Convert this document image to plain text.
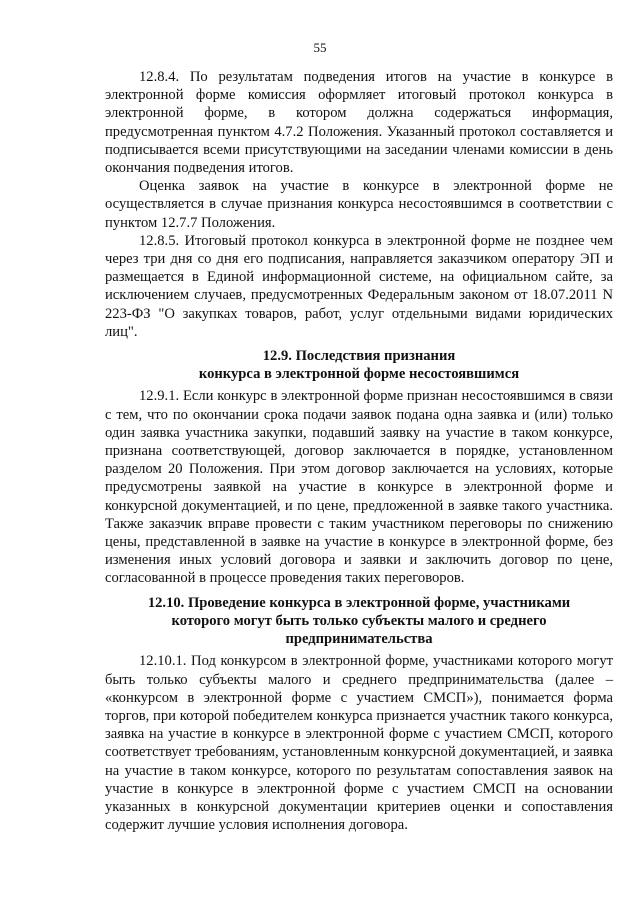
55

12.8.4. По результатам подведения итогов на участие в конкурсе в электронной форме комиссия оформляет итоговый протокол конкурса в электронной форме, в котором должна содержаться информация, предусмотренная пунктом 4.7.2 Положения. Указанный протокол составляется и подписывается всеми присутствующими на заседании членами комиссии в день окончания подведения итогов.

Оценка заявок на участие в конкурсе в электронной форме не осуществляется в случае признания конкурса несостоявшимся в соответствии с пунктом 12.7.7 Положения.

12.8.5. Итоговый протокол конкурса в электронной форме не позднее чем через три дня со дня его подписания, направляется заказчиком оператору ЭП и размещается в Единой информационной системе, на официальном сайте, за исключением случаев, предусмотренных Федеральным законом от 18.07.2011 N 223-ФЗ "О закупках товаров, работ, услуг отдельными видами юридических лиц".

12.9. Последствия признания
конкурса в электронной форме несостоявшимся

12.9.1. Если конкурс в электронной форме признан несостоявшимся в связи с тем, что по окончании срока подачи заявок подана одна заявка и (или) только один заявка участника закупки, подавший заявку на участие в таком конкурсе, признана соответствующей, договор заключается в порядке, установленном разделом 20 Положения. При этом договор заключается на условиях, которые предусмотрены заявкой на участие в конкурсе в электронной форме и конкурсной документацией, и по цене, предложенной в заявке такого участника. Также заказчик вправе провести с таким участником переговоры по снижению цены, представленной в заявке на участие в конкурсе в электронной форме, без изменения иных условий договора и заявки и заключить договор по цене, согласованной в процессе проведения таких переговоров.

12.10. Проведение конкурса в электронной форме, участниками
которого могут быть только субъекты малого и среднего
предпринимательства

12.10.1. Под конкурсом в электронной форме, участниками которого могут быть только субъекты малого и среднего предпринимательства (далее – «конкурсом в электронной форме с участием СМСП»), понимается форма торгов, при которой победителем конкурса признается участник такого конкурса, заявка на участие в конкурсе в электронной форме с участием СМСП, которого соответствует требованиям, установленным конкурсной документацией, и заявка на участие в таком конкурсе, которого по результатам сопоставления заявок на участие в конкурсе в электронной форме с участием СМСП на основании указанных в конкурсной документации критериев оценки и сопоставления содержит лучшие условия исполнения договора.
